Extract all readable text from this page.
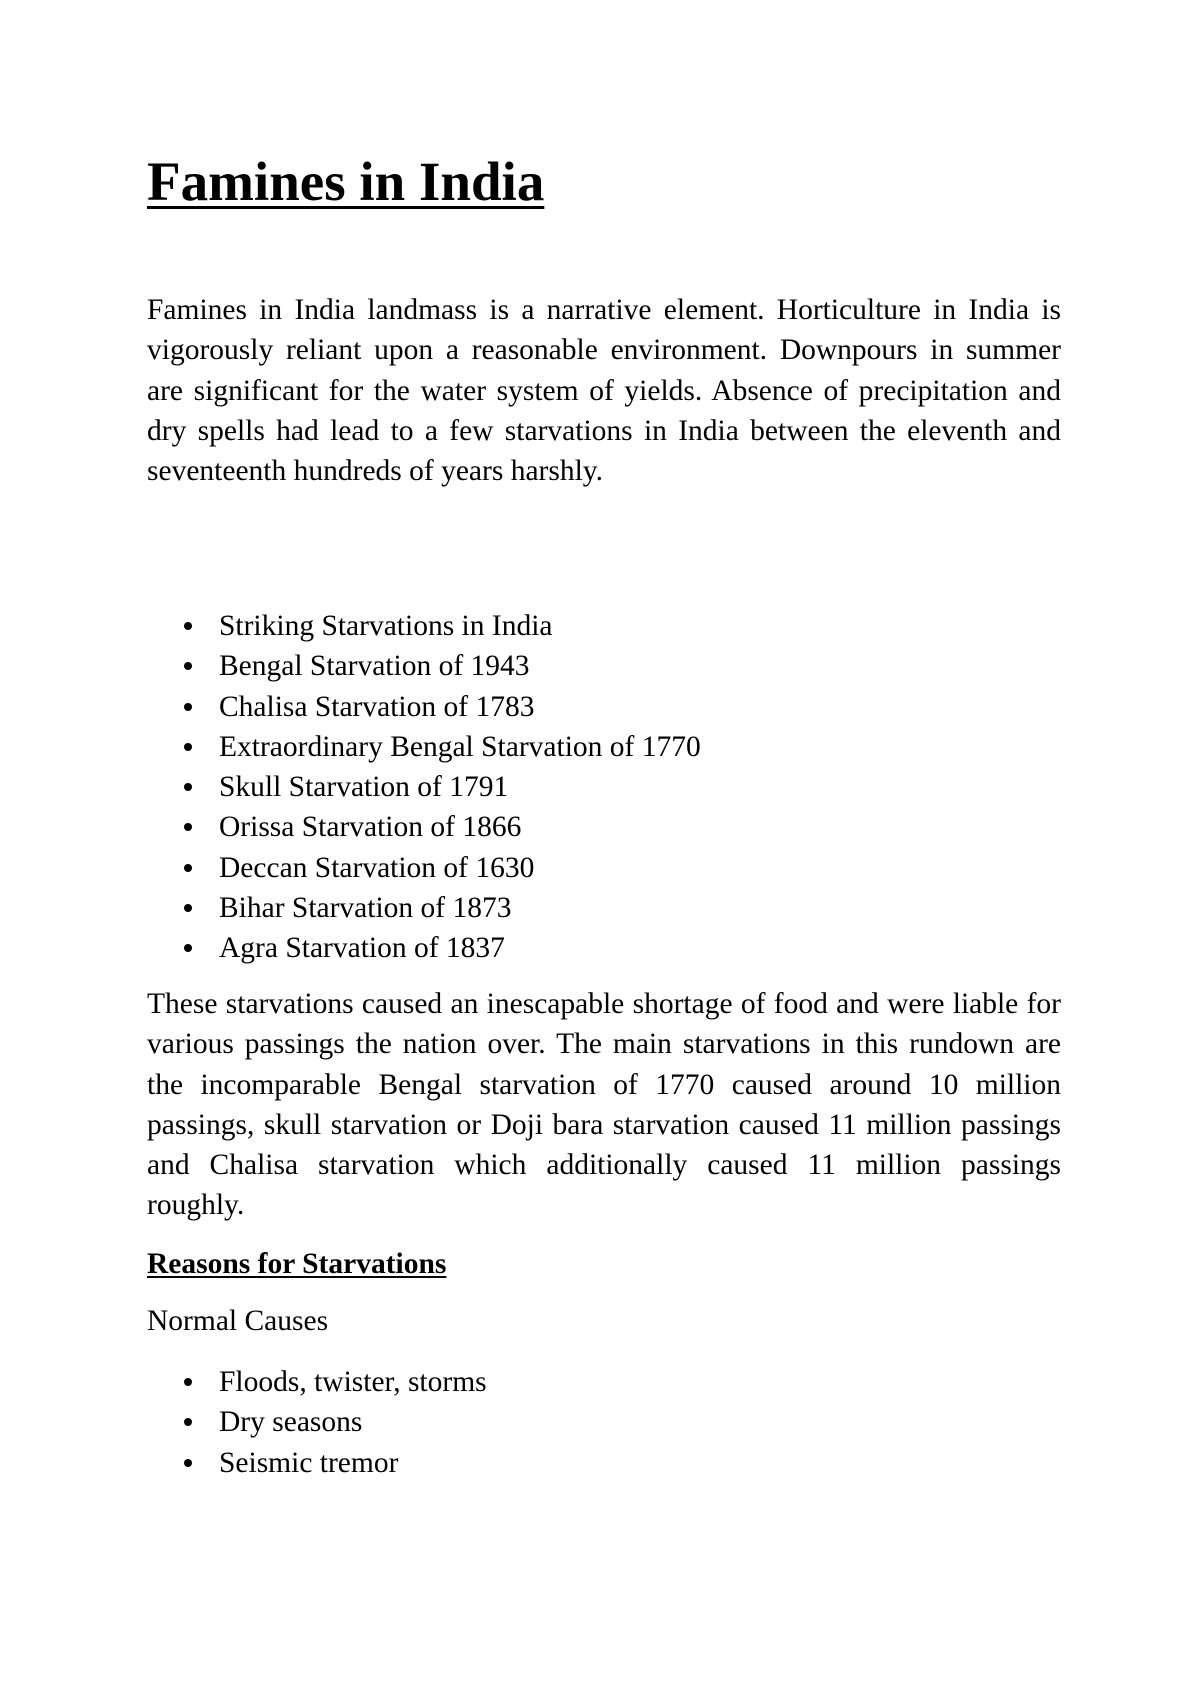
Famines in India

Famines in India landmass is a narrative element. Horticulture in India is vigorously reliant upon a reasonable environment. Downpours in summer are significant for the water system of yields. Absence of precipitation and dry spells had lead to a few starvations in India between the eleventh and seventeenth hundreds of years harshly.

Striking Starvations in India
Bengal Starvation of 1943
Chalisa Starvation of 1783
Extraordinary Bengal Starvation of 1770
Skull Starvation of 1791
Orissa Starvation of 1866
Deccan Starvation of 1630
Bihar Starvation of 1873
Agra Starvation of 1837

These starvations caused an inescapable shortage of food and were liable for various passings the nation over. The main starvations in this rundown are the incomparable Bengal starvation of 1770 caused around 10 million passings, skull starvation or Doji bara starvation caused 11 million passings and Chalisa starvation which additionally caused 11 million passings roughly.

Reasons for Starvations

Normal Causes

Floods, twister, storms
Dry seasons
Seismic tremor
